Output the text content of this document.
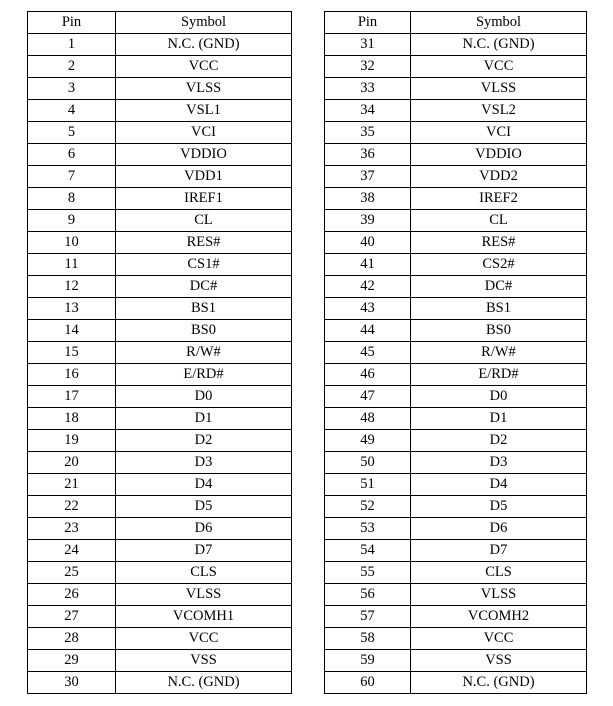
Pin	Symbol
1	N.C. (GND)
2	VCC
3	VLSS
4	VSL1
5	VCI
6	VDDIO
7	VDD1
8	IREF1
9	CL
10	RES#
11	CS1#
12	DC#
13	BS1
14	BS0
15	R/W#
16	E/RD#
17	D0
18	D1
19	D2
20	D3
21	D4
22	D5
23	D6
24	D7
25	CLS
26	VLSS
27	VCOMH1
28	VCC
29	VSS
30	N.C. (GND)
Pin	Symbol
31	N.C. (GND)
32	VCC
33	VLSS
34	VSL2
35	VCI
36	VDDIO
37	VDD2
38	IREF2
39	CL
40	RES#
41	CS2#
42	DC#
43	BS1
44	BS0
45	R/W#
46	E/RD#
47	D0
48	D1
49	D2
50	D3
51	D4
52	D5
53	D6
54	D7
55	CLS
56	VLSS
57	VCOMH2
58	VCC
59	VSS
60	N.C. (GND)
